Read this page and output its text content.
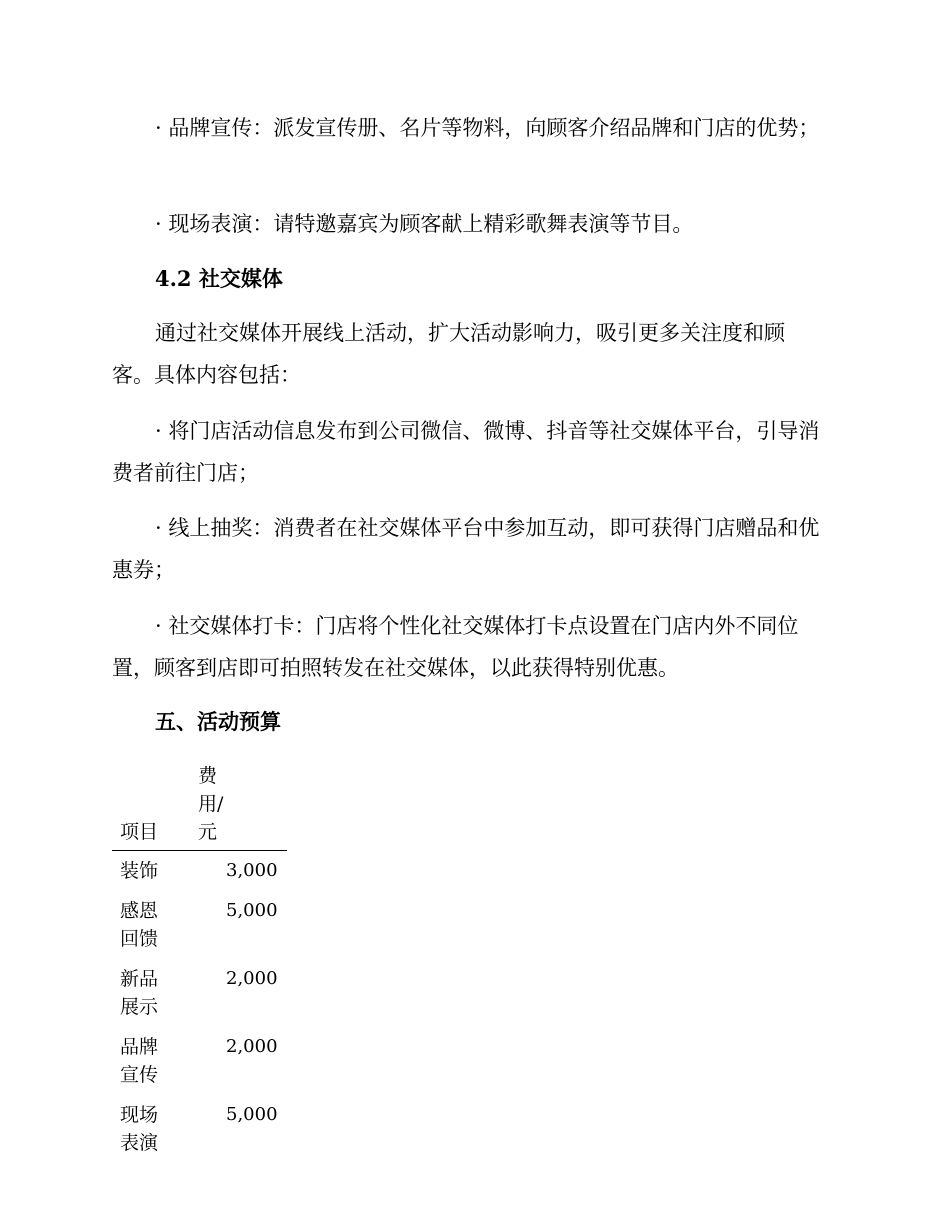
· 品牌宣传：派发宣传册、名片等物料，向顾客介绍品牌和门店的优势；

· 现场表演：请特邀嘉宾为顾客献上精彩歌舞表演等节目。

4.2 社交媒体

通过社交媒体开展线上活动，扩大活动影响力，吸引更多关注度和顾客。具体内容包括：

· 将门店活动信息发布到公司微信、微博、抖音等社交媒体平台，引导消费者前往门店；

· 线上抽奖：消费者在社交媒体平台中参加互动，即可获得门店赠品和优惠券；

· 社交媒体打卡：门店将个性化社交媒体打卡点设置在门店内外不同位置，顾客到店即可拍照转发在社交媒体，以此获得特别优惠。

五、活动预算
项目	费用/元

装饰	3,000

感恩回馈	5,000

新品展示	2,000

品牌宣传	2,000

现场表演	5,000
